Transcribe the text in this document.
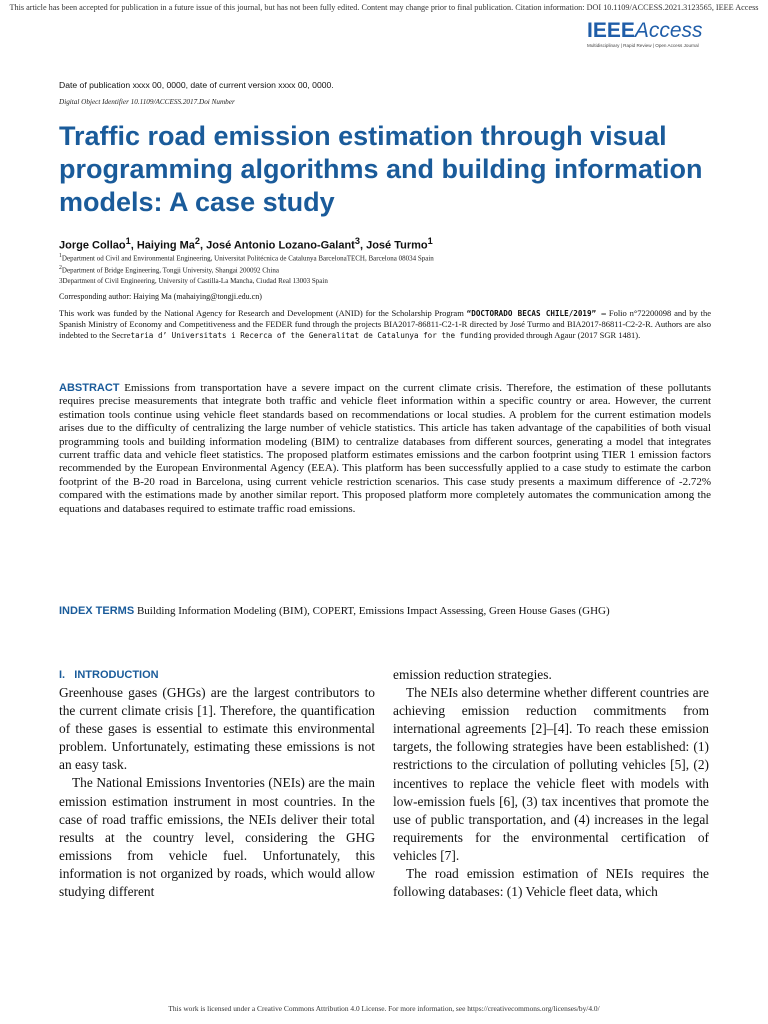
This article has been accepted for publication in a future issue of this journal, but has not been fully edited. Content may change prior to final publication. Citation information: DOI 10.1109/ACCESS.2021.3123565, IEEE Access
IEEEAccess
Multidisciplinary | Rapid Review | Open Access Journal
Date of publication xxxx 00, 0000, date of current version xxxx 00, 0000.
Digital Object Identifier 10.1109/ACCESS.2017.Doi Number
Traffic road emission estimation through visual programming algorithms and building information models: A case study
Jorge Collao$^1$, Haiying Ma$^2$, José Antonio Lozano-Galant$^3$, José Turmo$^1$
$^1$Department od Civil and Environmental Engineering, Universitat Politécnica de Catalunya BarcelonaTECH, Barcelona 08034 Spain
$^2$Department of Bridge Engineering, Tongji University, Shangai 200092 China
3Department of Civil Engineering, University of Castilla-La Mancha, Ciudad Real 13003 Spain
Corresponding author: Haiying Ma (mahaiying@tongji.edu.cn)
This work was funded by the National Agency for Research and Development (ANID) for the Scholarship Program “DOCTORADO BECAS CHILE/2019” – Folio n°72200098 and by the Spanish Ministry of Economy and Competitiveness and the FEDER fund through the projects BIA2017-86811-C2-1-R directed by José Turmo and BIA2017-86811-C2-2-R. Authors are also indebted to the Secretaria d’ Universitats i Recerca of the Generalitat de Catalunya for the funding provided through Agaur (2017 SGR 1481).
ABSTRACT Emissions from transportation have a severe impact on the current climate crisis. Therefore, the estimation of these pollutants requires precise measurements that integrate both traffic and vehicle fleet information within a specific country or area. However, the current estimation tools continue using vehicle fleet standards based on recommendations or local studies. A problem for the current estimation models arises due to the difficulty of centralizing the large number of vehicle statistics. This article has taken advantage of the capabilities of both visual programming tools and building information modeling (BIM) to centralize databases from different sources, generating a model that integrates current traffic data and vehicle fleet statistics. The proposed platform estimates emissions and the carbon footprint using TIER 1 emission factors recommended by the European Environmental Agency (EEA). This platform has been successfully applied to a case study to estimate the carbon footprint of the B-20 road in Barcelona, using current vehicle restriction scenarios. This case study presents a maximum difference of -2.72% compared with the estimations made by another similar report. This proposed platform more completely automates the communication among the equations and databases required to estimate traffic road emissions.
INDEX TERMS Building Information Modeling (BIM), COPERT, Emissions Impact Assessing, Green House Gases (GHG)
I.   INTRODUCTION

Greenhouse gases (GHGs) are the largest contributors to the current climate crisis [1]. Therefore, the quantification of these gases is essential to estimate this environmental problem. Unfortunately, estimating these emissions is not an easy task.

The National Emissions Inventories (NEIs) are the main emission estimation instrument in most countries. In the case of road traffic emissions, the NEIs deliver their total results at the country level, considering the GHG emissions from vehicle fuel. Unfortunately, this information is not organized by roads, which would allow studying different

emission reduction strategies.

The NEIs also determine whether different countries are achieving emission reduction commitments from international agreements [2]–[4]. To reach these emission targets, the following strategies have been established: (1) restrictions to the circulation of polluting vehicles [5], (2) incentives to replace the vehicle fleet with models with low-emission fuels [6], (3) tax incentives that promote the use of public transportation, and (4) increases in the legal requirements for the environmental certification of vehicles [7].

The road emission estimation of NEIs requires the following databases: (1) Vehicle fleet data, which

This work is licensed under a Creative Commons Attribution 4.0 License. For more information, see https://creativecommons.org/licenses/by/4.0/
